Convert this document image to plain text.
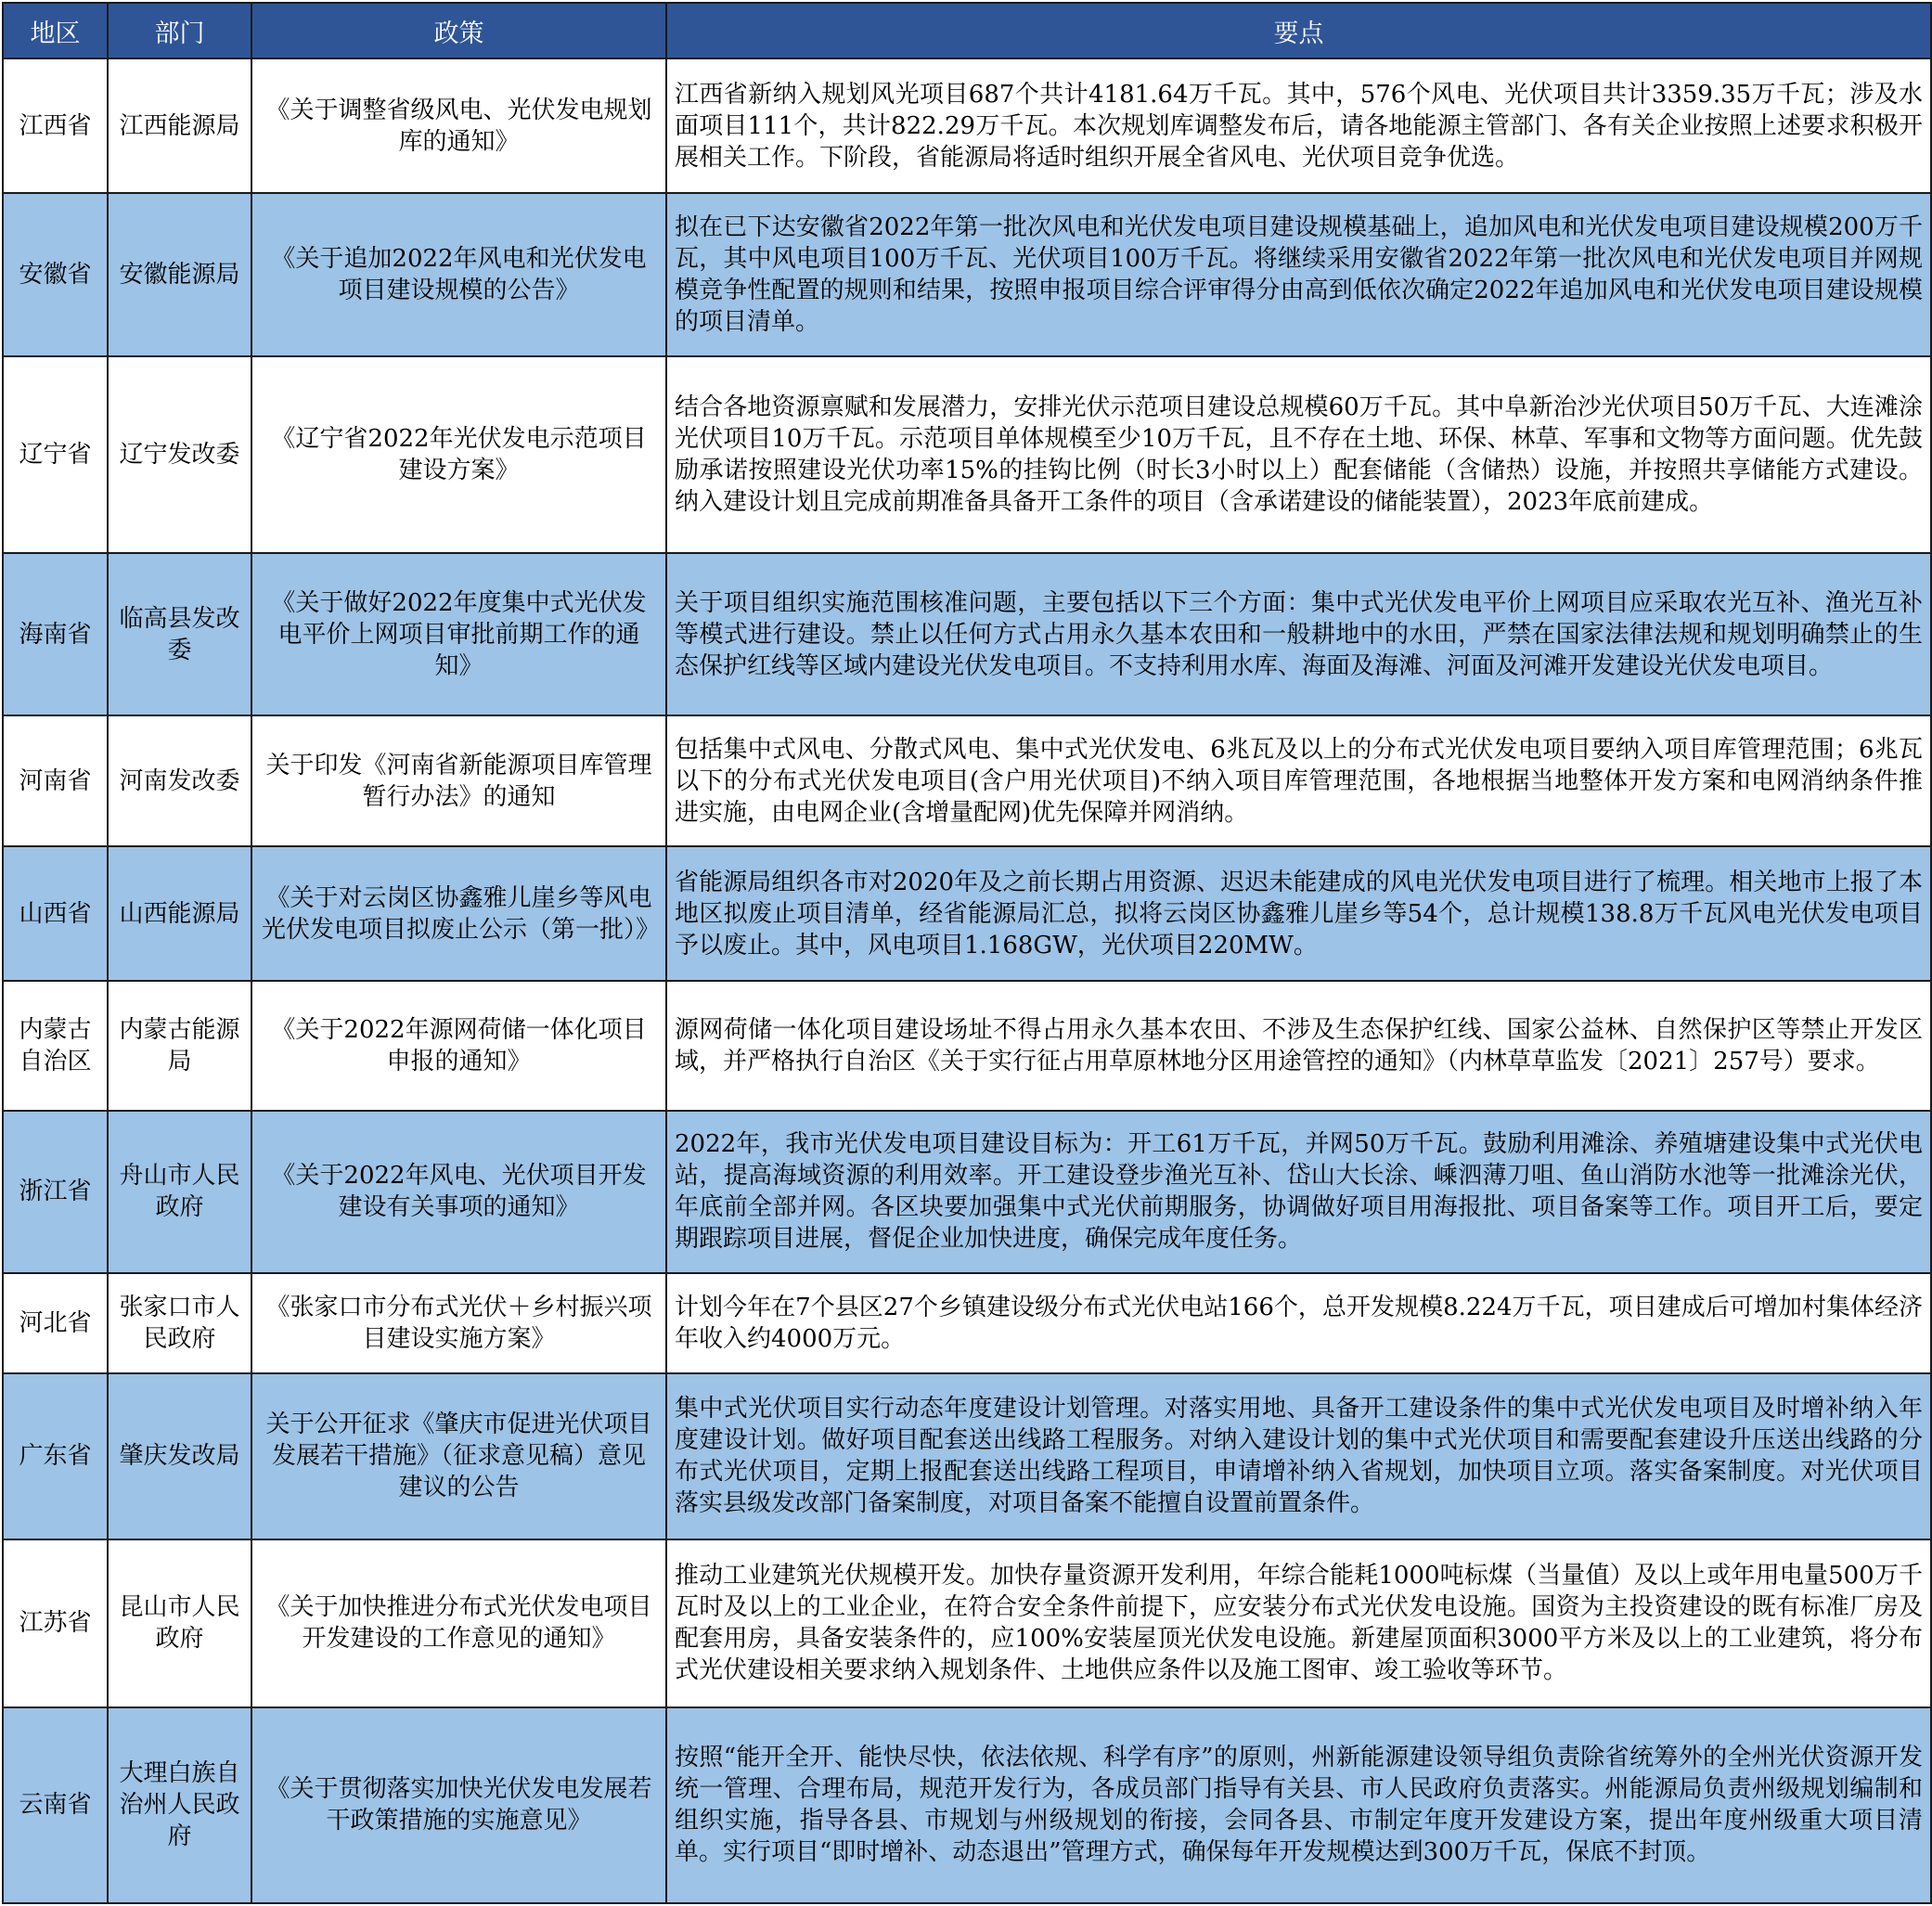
地区	部门	政策	要点
江西省	江西能源局	《关于调整省级风电、光伏发电规划库的通知》	江西省新纳入规划风光项目687个共计4181.64万千瓦。其中，576个风电、光伏项目共计3359.35万千瓦；涉及水面项目111个，共计822.29万千瓦。本次规划库调整发布后，请各地能源主管部门、各有关企业按照上述要求积极开展相关工作。下阶段，省能源局将适时组织开展全省风电、光伏项目竞争优选。
安徽省	安徽能源局	《关于追加2022年风电和光伏发电项目建设规模的公告》	拟在已下达安徽省2022年第一批次风电和光伏发电项目建设规模基础上，追加风电和光伏发电项目建设规模200万千瓦，其中风电项目100万千瓦、光伏项目100万千瓦。将继续采用安徽省2022年第一批次风电和光伏发电项目并网规模竞争性配置的规则和结果，按照申报项目综合评审得分由高到低依次确定2022年追加风电和光伏发电项目建设规模的项目清单。
辽宁省	辽宁发改委	《辽宁省2022年光伏发电示范项目建设方案》	结合各地资源禀赋和发展潜力，安排光伏示范项目建设总规模60万千瓦。其中阜新治沙光伏项目50万千瓦、大连滩涂光伏项目10万千瓦。示范项目单体规模至少10万千瓦，且不存在土地、环保、林草、军事和文物等方面问题。优先鼓励承诺按照建设光伏功率15%的挂钩比例（时长3小时以上）配套储能（含储热）设施，并按照共享储能方式建设。纳入建设计划且完成前期准备具备开工条件的项目（含承诺建设的储能装置），2023年底前建成。
海南省	临高县发改委	《关于做好2022年度集中式光伏发电平价上网项目审批前期工作的通知》	关于项目组织实施范围核准问题，主要包括以下三个方面：集中式光伏发电平价上网项目应采取农光互补、渔光互补等模式进行建设。禁止以任何方式占用永久基本农田和一般耕地中的水田，严禁在国家法律法规和规划明确禁止的生态保护红线等区域内建设光伏发电项目。不支持利用水库、海面及海滩、河面及河滩开发建设光伏发电项目。
河南省	河南发改委	关于印发《河南省新能源项目库管理暂行办法》的通知	包括集中式风电、分散式风电、集中式光伏发电、6兆瓦及以上的分布式光伏发电项目要纳入项目库管理范围；6兆瓦以下的分布式光伏发电项目(含户用光伏项目)不纳入项目库管理范围，各地根据当地整体开发方案和电网消纳条件推进实施，由电网企业(含增量配网)优先保障并网消纳。
山西省	山西能源局	《关于对云岗区协鑫雅儿崖乡等风电光伏发电项目拟废止公示（第一批）》	省能源局组织各市对2020年及之前长期占用资源、迟迟未能建成的风电光伏发电项目进行了梳理。相关地市上报了本地区拟废止项目清单，经省能源局汇总，拟将云岗区协鑫雅儿崖乡等54个，总计规模138.8万千瓦风电光伏发电项目予以废止。其中，风电项目1.168GW，光伏项目220MW。
内蒙古自治区	内蒙古能源局	《关于2022年源网荷储一体化项目申报的通知》	源网荷储一体化项目建设场址不得占用永久基本农田、不涉及生态保护红线、国家公益林、自然保护区等禁止开发区域，并严格执行自治区《关于实行征占用草原林地分区用途管控的通知》（内林草草监发〔2021〕257号）要求。
浙江省	舟山市人民政府	《关于2022年风电、光伏项目开发建设有关事项的通知》	2022年，我市光伏发电项目建设目标为：开工61万千瓦，并网50万千瓦。鼓励利用滩涂、养殖塘建设集中式光伏电站，提高海域资源的利用效率。开工建设登步渔光互补、岱山大长涂、嵊泗薄刀咀、鱼山消防水池等一批滩涂光伏，年底前全部并网。各区块要加强集中式光伏前期服务，协调做好项目用海报批、项目备案等工作。项目开工后，要定期跟踪项目进展，督促企业加快进度，确保完成年度任务。
河北省	张家口市人民政府	《张家口市分布式光伏＋乡村振兴项目建设实施方案》	计划今年在7个县区27个乡镇建设级分布式光伏电站166个，总开发规模8.224万千瓦，项目建成后可增加村集体经济年收入约4000万元。
广东省	肇庆发改局	关于公开征求《肇庆市促进光伏项目发展若干措施》（征求意见稿）意见建议的公告	集中式光伏项目实行动态年度建设计划管理。对落实用地、具备开工建设条件的集中式光伏发电项目及时增补纳入年度建设计划。做好项目配套送出线路工程服务。对纳入建设计划的集中式光伏项目和需要配套建设升压送出线路的分布式光伏项目，定期上报配套送出线路工程项目，申请增补纳入省规划，加快项目立项。落实备案制度。对光伏项目落实县级发改部门备案制度，对项目备案不能擅自设置前置条件。
江苏省	昆山市人民政府	《关于加快推进分布式光伏发电项目开发建设的工作意见的通知》	推动工业建筑光伏规模开发。加快存量资源开发利用，年综合能耗1000吨标煤（当量值）及以上或年用电量500万千瓦时及以上的工业企业，在符合安全条件前提下，应安装分布式光伏发电设施。国资为主投资建设的既有标准厂房及配套用房，具备安装条件的，应100%安装屋顶光伏发电设施。新建屋顶面积3000平方米及以上的工业建筑，将分布式光伏建设相关要求纳入规划条件、土地供应条件以及施工图审、竣工验收等环节。
云南省	大理白族自治州人民政府	《关于贯彻落实加快光伏发电发展若干政策措施的实施意见》	按照“能开全开、能快尽快，依法依规、科学有序”的原则，州新能源建设领导组负责除省统筹外的全州光伏资源开发统一管理、合理布局，规范开发行为，各成员部门指导有关县、市人民政府负责落实。州能源局负责州级规划编制和组织实施，指导各县、市规划与州级规划的衔接，会同各县、市制定年度开发建设方案，提出年度州级重大项目清单。实行项目“即时增补、动态退出”管理方式，确保每年开发规模达到300万千瓦，保底不封顶。
